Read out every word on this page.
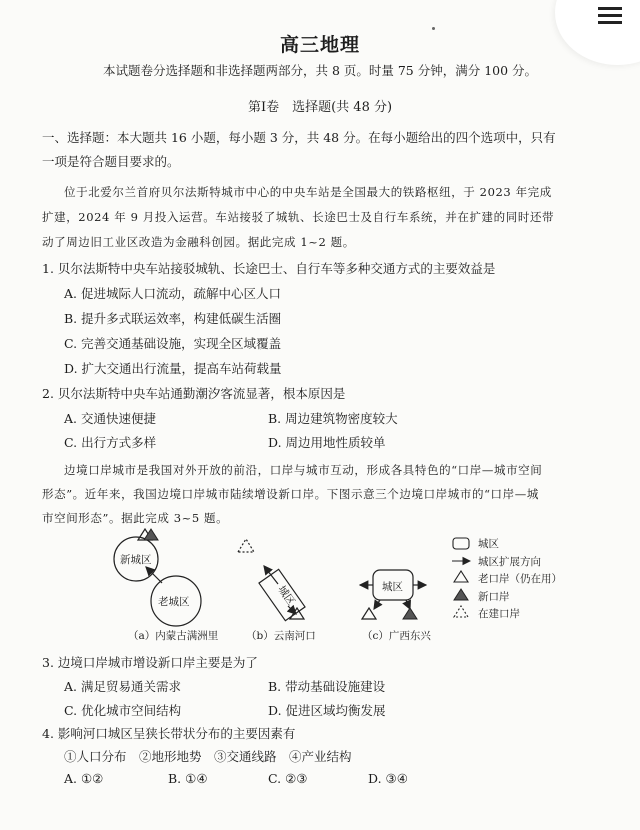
高三地理
本试题卷分选择题和非选择题两部分，共 8 页。时量 75 分钟，满分 100 分。
第Ⅰ卷　选择题(共 48 分)
一、选择题：本大题共 16 小题，每小题 3 分，共 48 分。在每小题给出的四个选项中，只有
一项是符合题目要求的。
位于北爱尔兰首府贝尔法斯特城市中心的中央车站是全国最大的铁路枢纽，于 2023 年完成
扩建，2024 年 9 月投入运营。车站接驳了城轨、长途巴士及自行车系统，并在扩建的同时还带
动了周边旧工业区改造为金融科创园。据此完成 1~2 题。
1. 贝尔法斯特中央车站接驳城轨、长途巴士、自行车等多种交通方式的主要效益是
A. 促进城际人口流动，疏解中心区人口
B. 提升多式联运效率，构建低碳生活圈
C. 完善交通基础设施，实现全区域覆盖
D. 扩大交通出行流量，提高车站荷载量
2. 贝尔法斯特中央车站通勤潮汐客流显著，根本原因是
A. 交通快速便捷	B. 周边建筑物密度较大
C. 出行方式多样	D. 周边用地性质较单
边境口岸城市是我国对外开放的前沿，口岸与城市互动，形成各具特色的“口岸—城市空间
形态”。近年来，我国边境口岸城市陆续增设新口岸。下图示意三个边境口岸城市的“口岸—城
市空间形态”。据此完成 3~5 题。
新城区
老城区
（a）内蒙古满洲里
城区
（b）云南河口
城区
（c）广西东兴
城区
城区扩展方向
老口岸（仍在用）
新口岸
在建口岸
3. 边境口岸城市增设新口岸主要是为了
A. 满足贸易通关需求	B. 带动基础设施建设
C. 优化城市空间结构	D. 促进区域均衡发展
4. 影响河口城区呈狭长带状分布的主要因素有
①人口分布　②地形地势　③交通线路　④产业结构
A. ①②	B. ①④	C. ②③	D. ③④
